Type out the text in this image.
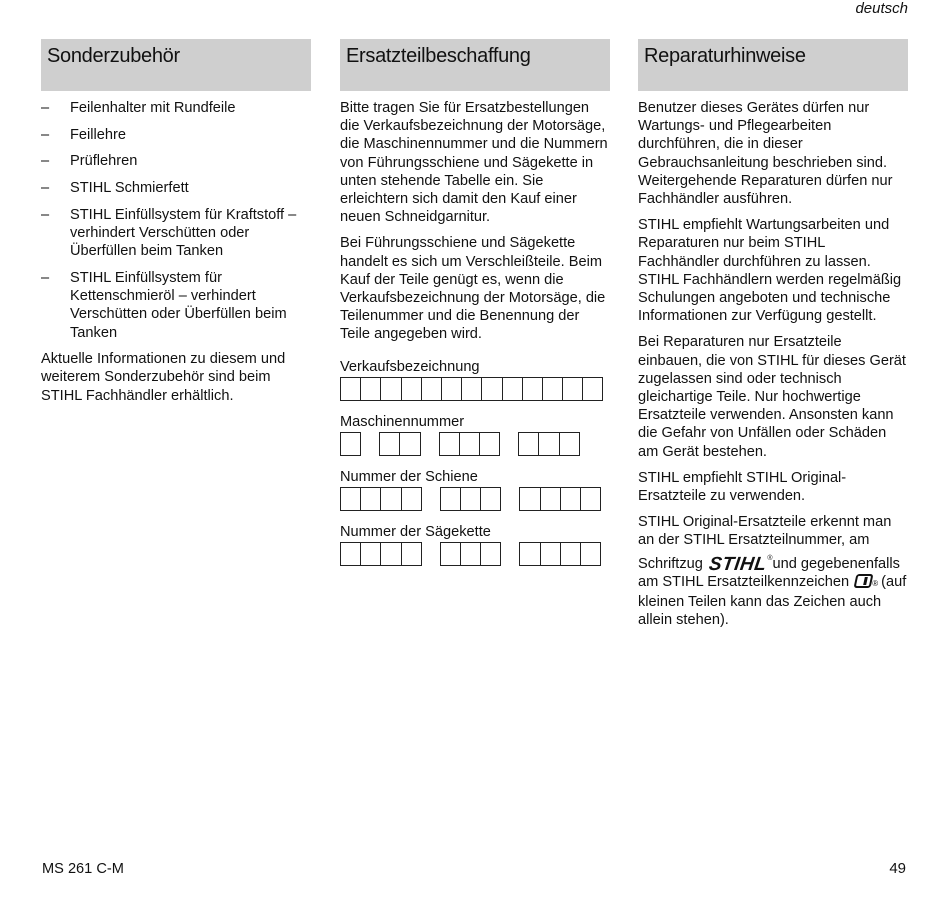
deutsch
Sonderzubehör
– Feilenhalter mit Rundfeile
– Feillehre
– Prüflehren
– STIHL Schmierfett
– STIHL Einfüllsystem für Kraftstoff – verhindert Verschütten oder Überfüllen beim Tanken
– STIHL Einfüllsystem für Kettenschmieröl – verhindert Verschütten oder Überfüllen beim Tanken

Aktuelle Informationen zu diesem und weiterem Sonderzubehör sind beim STIHL Fachhändler erhältlich.

Ersatzteilbeschaffung

Bitte tragen Sie für Ersatzbestellungen die Verkaufsbezeichnung der Motorsäge, die Maschinennummer und die Nummern von Führungsschiene und Sägekette in unten stehende Tabelle ein. Sie erleichtern sich damit den Kauf einer neuen Schneidgarnitur.

Bei Führungsschiene und Sägekette handelt es sich um Verschleißteile. Beim Kauf der Teile genügt es, wenn die Verkaufsbezeichnung der Motorsäge, die Teilenummer und die Benennung der Teile angegeben wird.

Verkaufsbezeichnung
Maschinennummer
Nummer der Schiene
Nummer der Sägekette
Reparaturhinweise

Benutzer dieses Gerätes dürfen nur Wartungs- und Pflegearbeiten durchführen, die in dieser Gebrauchsanleitung beschrieben sind. Weitergehende Reparaturen dürfen nur Fachhändler ausführen.

STIHL empfiehlt Wartungsarbeiten und Reparaturen nur beim STIHL Fachhändler durchführen zu lassen. STIHL Fachhändlern werden regelmäßig Schulungen angeboten und technische Informationen zur Verfügung gestellt.

Bei Reparaturen nur Ersatzteile einbauen, die von STIHL für dieses Gerät zugelassen sind oder technisch gleichartige Teile. Nur hochwertige Ersatzteile verwenden. Ansonsten kann die Gefahr von Unfällen oder Schäden am Gerät bestehen.

STIHL empfiehlt STIHL Original-Ersatzteile zu verwenden.

STIHL Original-Ersatzteile erkennt man an der STIHL Ersatzteilnummer, am Schriftzug STIHL®und gegebenenfalls am STIHL Ersatzteilkennzeichen	® (auf kleinen Teilen kann das Zeichen auch allein stehen).

MS 261 C-M	49
